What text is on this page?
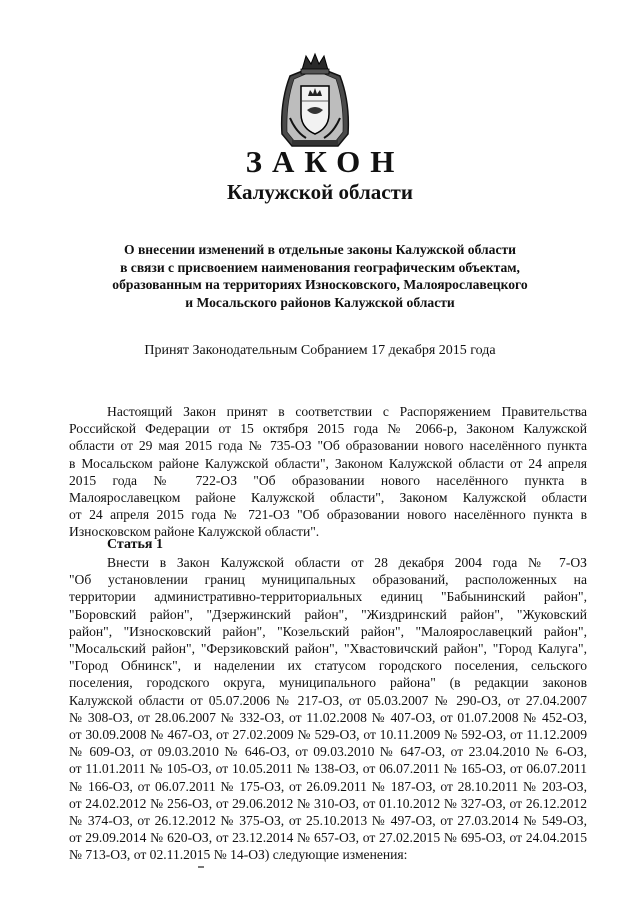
ЗАКОН
Калужской области
О внесении изменений в отдельные законы Калужской области
в связи с присвоением наименования географическим объектам,
образованным на территориях Износковского, Малоярославецкого
и Мосальского районов Калужской области
Принят Законодательным Собранием 17 декабря 2015 года
Настоящий Закон принят в соответствии с Распоряжением Правительства
Российской Федерации от 15 октября 2015 года № 2066-р, Законом Калужской
области от 29 мая 2015 года № 735-ОЗ "Об образовании нового населённого пункта
в Мосальском районе Калужской области", Законом Калужской области от 24 апреля
2015 года № 722-ОЗ "Об образовании нового населённого пункта в
Малоярославецком районе Калужской области", Законом Калужской области
от 24 апреля 2015 года № 721-ОЗ "Об образовании нового населённого пункта в
Износковском районе Калужской области".
Статья 1
Внести в Закон Калужской области от 28 декабря 2004 года № 7-ОЗ
"Об установлении границ муниципальных образований, расположенных на
территории административно-территориальных единиц "Бабынинский район",
"Боровский район", "Дзержинский район", "Жиздринский район", "Жуковский
район", "Износковский район", "Козельский район", "Малоярославецкий район",
"Мосальский район", "Ферзиковский район", "Хвастовичский район", "Город Калуга",
"Город Обнинск", и наделении их статусом городского поселения, сельского
поселения, городского округа, муниципального района" (в редакции законов
Калужской области от 05.07.2006 № 217-ОЗ, от 05.03.2007 № 290-ОЗ, от 27.04.2007
№ 308-ОЗ, от 28.06.2007 № 332-ОЗ, от 11.02.2008 № 407-ОЗ, от 01.07.2008 № 452-ОЗ,
от 30.09.2008 № 467-ОЗ, от 27.02.2009 № 529-ОЗ, от 10.11.2009 № 592-ОЗ, от 11.12.2009
№ 609-ОЗ, от 09.03.2010 № 646-ОЗ, от 09.03.2010 № 647-ОЗ, от 23.04.2010 № 6-ОЗ,
от 11.01.2011 № 105-ОЗ, от 10.05.2011 № 138-ОЗ, от 06.07.2011 № 165-ОЗ, от 06.07.2011
№ 166-ОЗ, от 06.07.2011 № 175-ОЗ, от 26.09.2011 № 187-ОЗ, от 28.10.2011 № 203-ОЗ,
от 24.02.2012 № 256-ОЗ, от 29.06.2012 № 310-ОЗ, от 01.10.2012 № 327-ОЗ, от 26.12.2012
№ 374-ОЗ, от 26.12.2012 № 375-ОЗ, от 25.10.2013 № 497-ОЗ, от 27.03.2014 № 549-ОЗ,
от 29.09.2014 № 620-ОЗ, от 23.12.2014 № 657-ОЗ, от 27.02.2015 № 695-ОЗ, от 24.04.2015
№ 713-ОЗ, от 02.11.2015 № 14-ОЗ) следующие изменения:
